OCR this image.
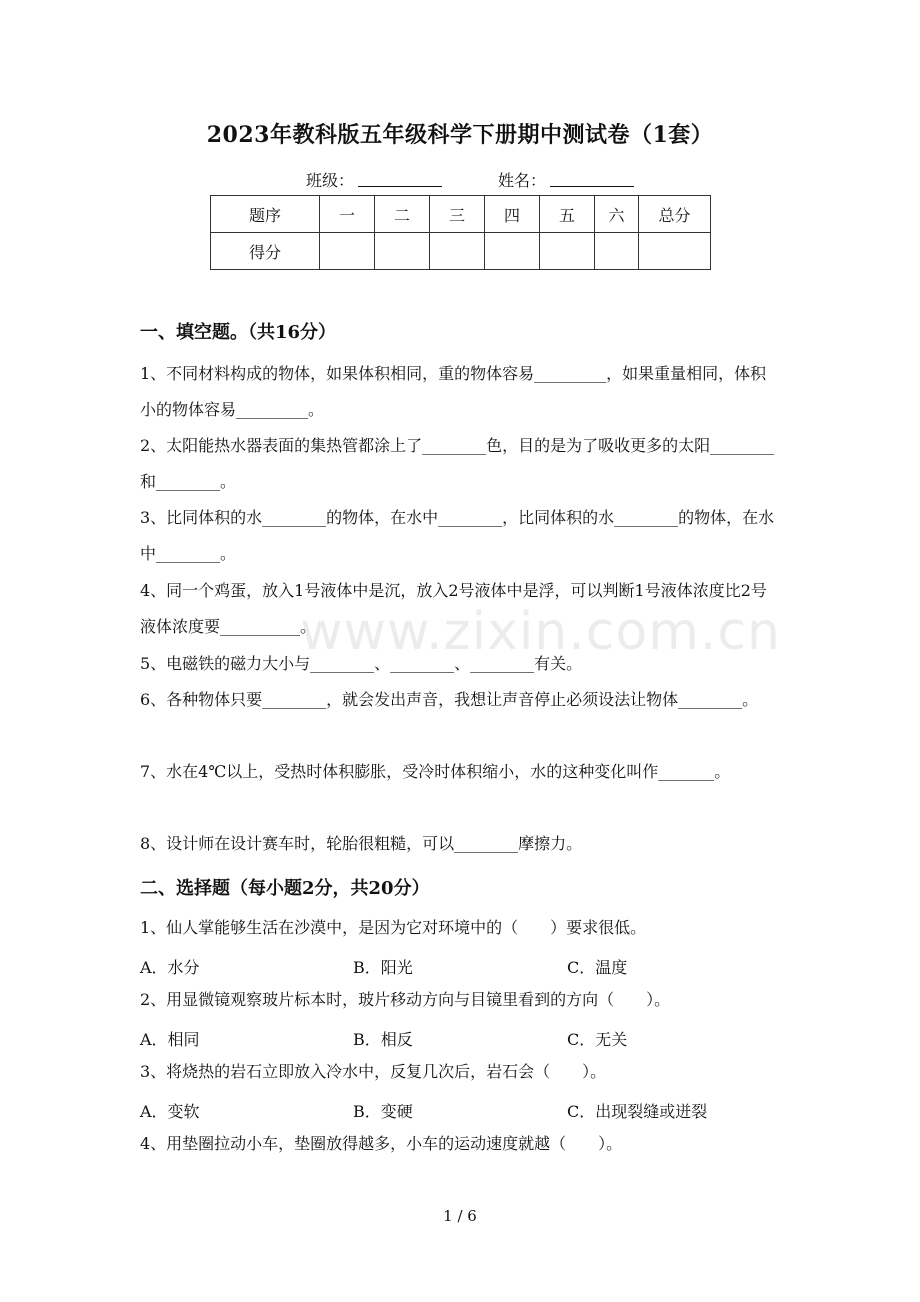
2023年教科版五年级科学下册期中测试卷（1套）
班级：	姓名：
题序	一	二	三	四	五	六	总分
得分							
一、填空题。（共16分）
1、不同材料构成的物体，如果体积相同，重的物体容易_________，如果重量相同，体积小的物体容易_________。
2、太阳能热水器表面的集热管都涂上了________色，目的是为了吸收更多的太阳________和________。
3、比同体积的水________的物体，在水中________，比同体积的水________的物体，在水中________。
4、同一个鸡蛋，放入1号液体中是沉，放入2号液体中是浮，可以判断1号液体浓度比2号液体浓度要__________。
5、电磁铁的磁力大小与________、________、________有关。
6、各种物体只要________，就会发出声音，我想让声音停止必须设法让物体________。
7、水在4℃以上，受热时体积膨胀，受冷时体积缩小，水的这种变化叫作_______。
8、设计师在设计赛车时，轮胎很粗糙，可以________摩擦力。
二、选择题（每小题2分，共20分）
1、仙人掌能够生活在沙漠中，是因为它对环境中的（　　）要求很低。
A．水分	B．阳光	C．温度
2、用显微镜观察玻片标本时，玻片移动方向与目镜里看到的方向（　　）。
A．相同	B．相反	C．无关
3、将烧热的岩石立即放入冷水中，反复几次后，岩石会（　　）。
A．变软	B．变硬	C．出现裂缝或迸裂
4、用垫圈拉动小车，垫圈放得越多，小车的运动速度就越（　　）。
www.zixin.com.cn
1 / 6
